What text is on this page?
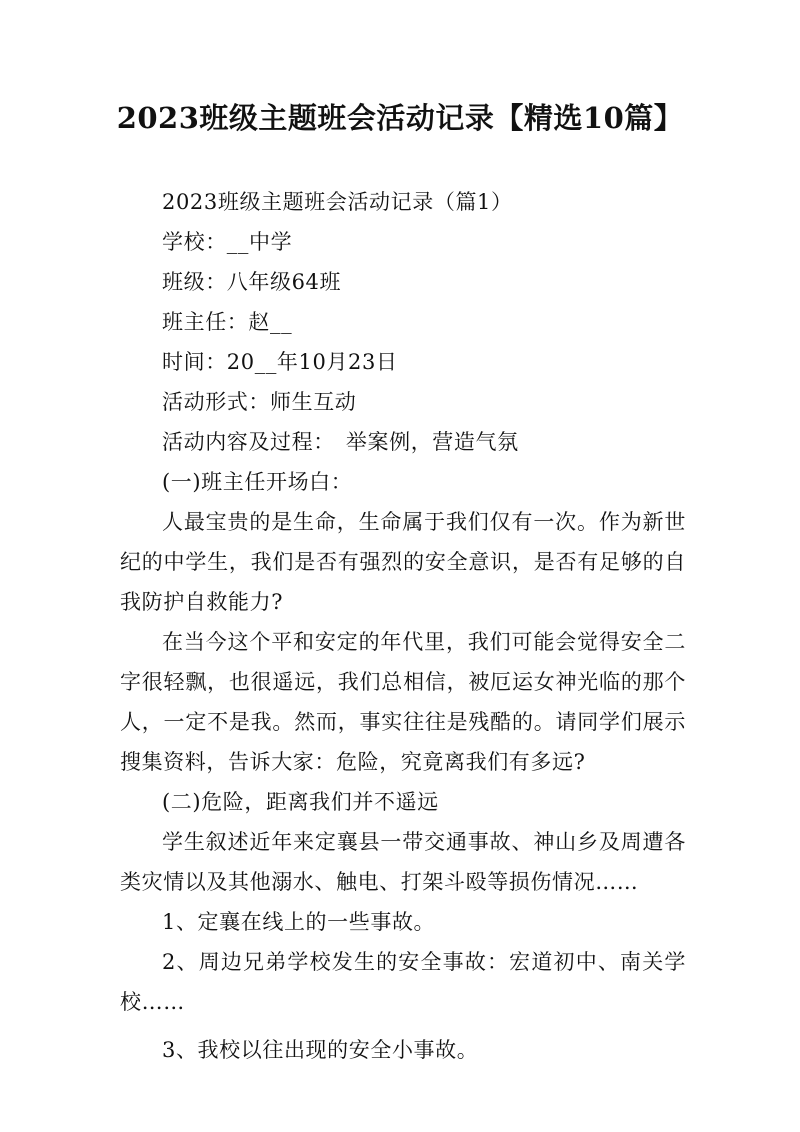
2023班级主题班会活动记录【精选10篇】
2023班级主题班会活动记录（篇1）
学校：__中学
班级：八年级64班
班主任：赵__
时间：20__年10月23日
活动形式：师生互动
活动内容及过程：　举案例，营造气氛
(一)班主任开场白：

人最宝贵的是生命，生命属于我们仅有一次。作为新世纪的中学生，我们是否有强烈的安全意识，是否有足够的自我防护自救能力?

在当今这个平和安定的年代里，我们可能会觉得安全二字很轻飘，也很遥远，我们总相信，被厄运女神光临的那个人，一定不是我。然而，事实往往是残酷的。请同学们展示搜集资料，告诉大家：危险，究竟离我们有多远?

(二)危险，距离我们并不遥远

学生叙述近年来定襄县一带交通事故、神山乡及周遭各类灾情以及其他溺水、触电、打架斗殴等损伤情况……

1、定襄在线上的一些事故。

2、周边兄弟学校发生的安全事故：宏道初中、南关学校……

3、我校以往出现的安全小事故。
